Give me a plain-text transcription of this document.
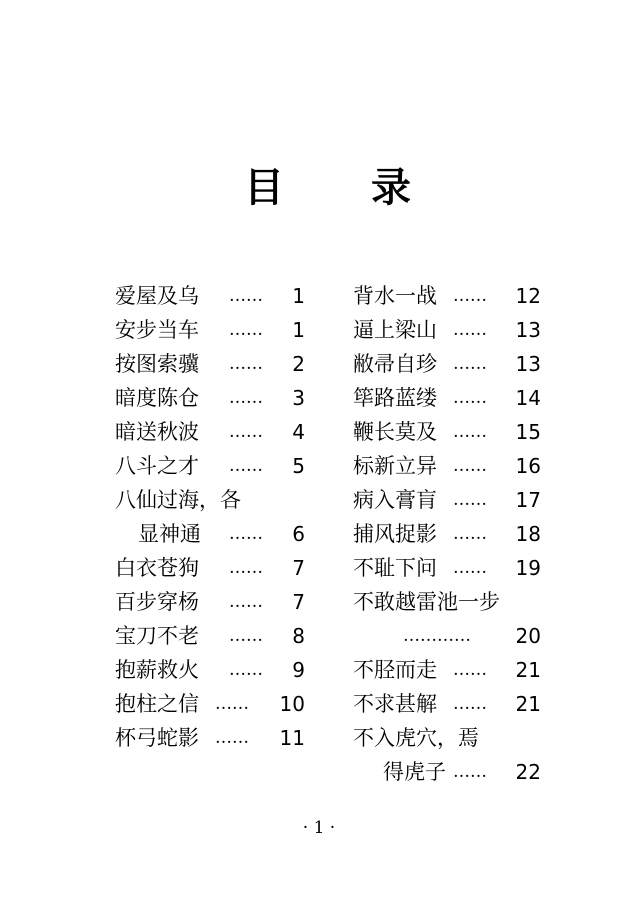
目 录
爱屋及乌 …… 1
安步当车 …… 1
按图索骥 …… 2
暗度陈仓 …… 3
暗送秋波 …… 4
八斗之才 …… 5
八仙过海，各
显神通 …… 6
白衣苍狗 …… 7
百步穿杨 …… 7
宝刀不老 …… 8
抱薪救火 …… 9
抱柱之信 …… 10
杯弓蛇影 …… 11
背水一战 …… 12
逼上梁山 …… 13
敝帚自珍 …… 13
筚路蓝缕 …… 14
鞭长莫及 …… 15
标新立异 …… 16
病入膏肓 …… 17
捕风捉影 …… 18
不耻下问 …… 19
不敢越雷池一步
………… 20
不胫而走 …… 21
不求甚解 …… 21
不入虎穴，焉
得虎子 …… 22
· 1 ·
